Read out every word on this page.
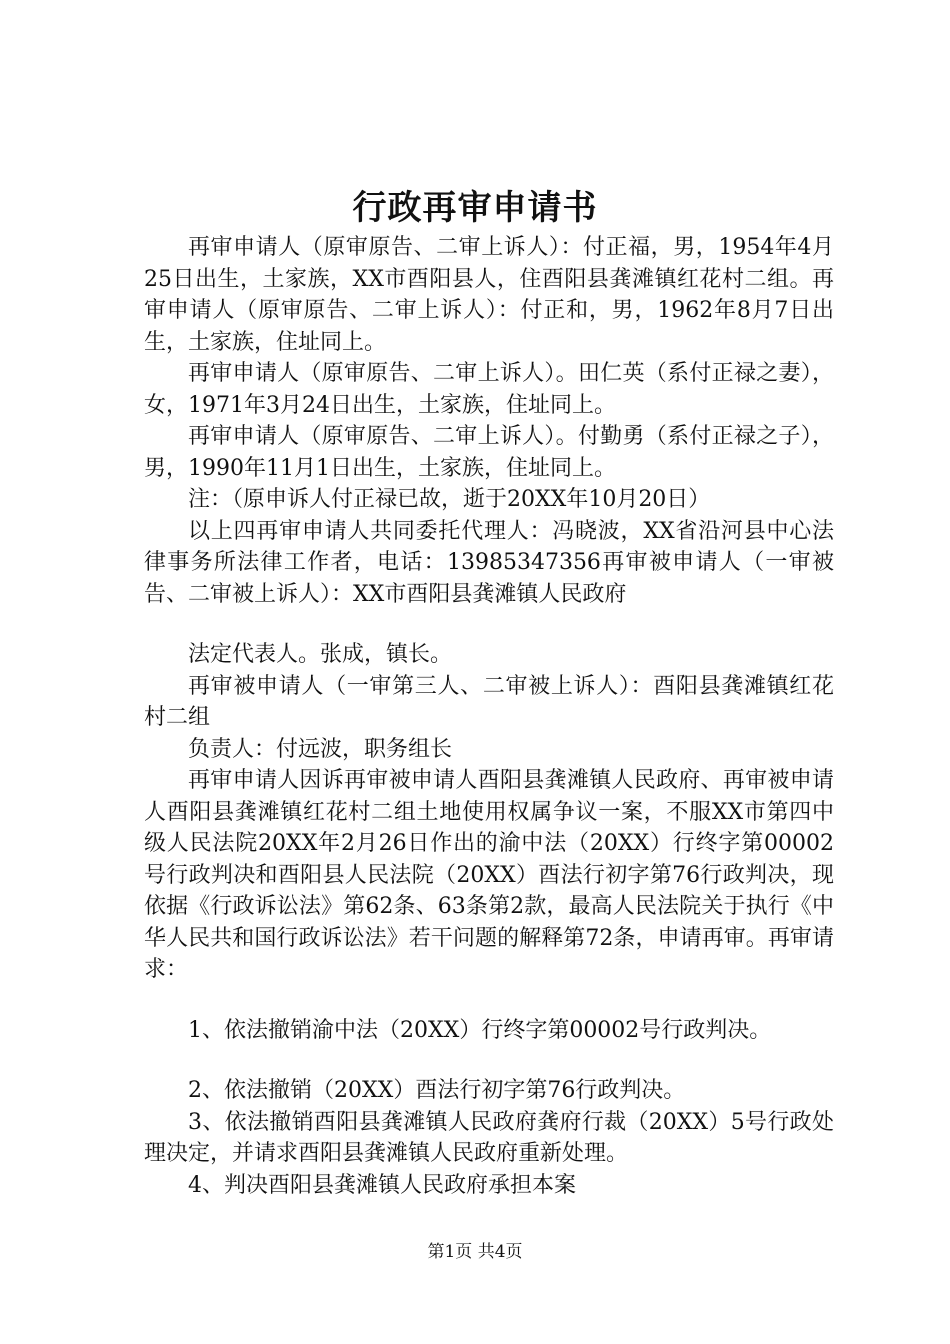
行政再审申请书

再审申请人（原审原告、二审上诉人）：付正福，男，1954年4月25日出生，土家族，XX市酉阳县人，住酉阳县龚滩镇红花村二组。再审申请人（原审原告、二审上诉人）：付正和，男，1962年8月7日出生，土家族，住址同上。

再审申请人（原审原告、二审上诉人）。田仁英（系付正禄之妻），女，1971年3月24日出生，土家族，住址同上。

再审申请人（原审原告、二审上诉人）。付勤勇（系付正禄之子），男，1990年11月1日出生，土家族，住址同上。

注：（原申诉人付正禄已故，逝于20XX年10月20日）

以上四再审申请人共同委托代理人：冯晓波，XX省沿河县中心法律事务所法律工作者，电话：13985347356再审被申请人（一审被告、二审被上诉人）：XX市酉阳县龚滩镇人民政府

法定代表人。张成，镇长。

再审被申请人（一审第三人、二审被上诉人）：酉阳县龚滩镇红花村二组

负责人：付远波，职务组长

再审申请人因诉再审被申请人酉阳县龚滩镇人民政府、再审被申请人酉阳县龚滩镇红花村二组土地使用权属争议一案，不服XX市第四中级人民法院20XX年2月26日作出的渝中法（20XX）行终字第00002号行政判决和酉阳县人民法院（20XX）酉法行初字第76行政判决，现依据《行政诉讼法》第62条、63条第2款，最高人民法院关于执行《中华人民共和国行政诉讼法》若干问题的解释第72条，申请再审。再审请求：

1、依法撤销渝中法（20XX）行终字第00002号行政判决。

2、依法撤销（20XX）酉法行初字第76行政判决。

3、依法撤销酉阳县龚滩镇人民政府龚府行裁（20XX）5号行政处理决定，并请求酉阳县龚滩镇人民政府重新处理。

4、判决酉阳县龚滩镇人民政府承担本案

第1页 共4页
